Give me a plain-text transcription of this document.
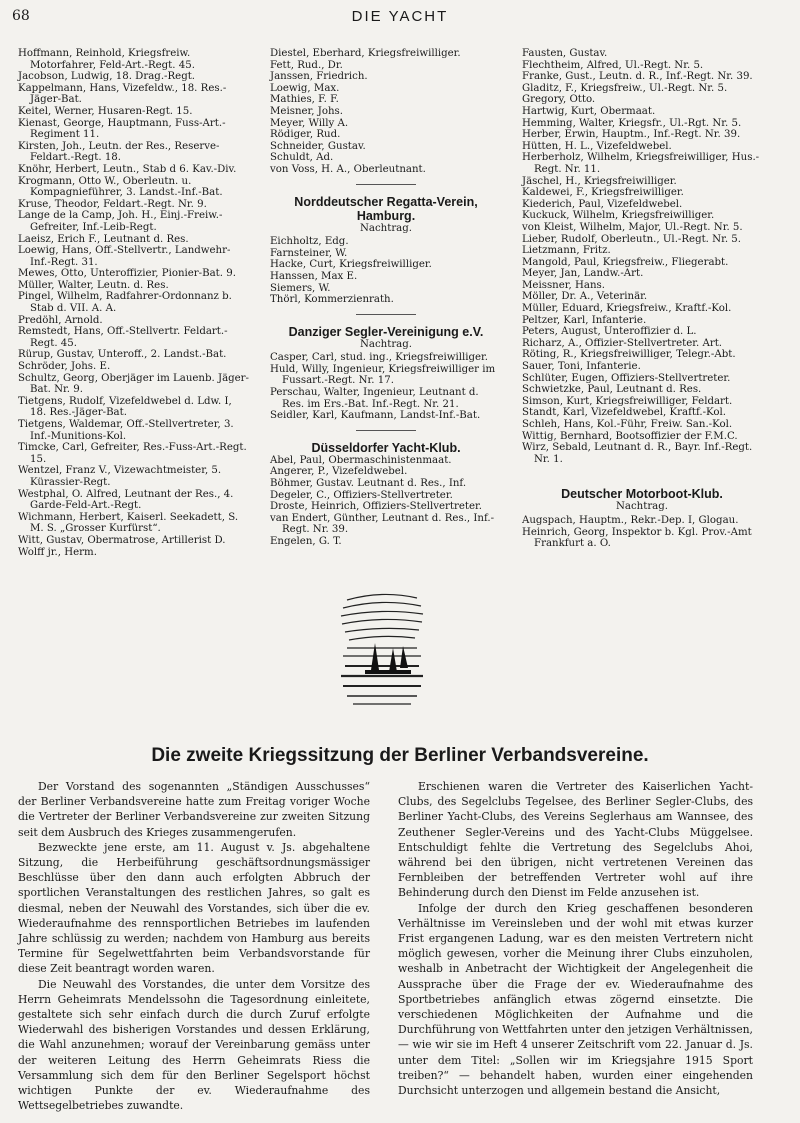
68	DIE YACHT

Hoffmann, Reinhold, Kriegsfreiw. Motorfahrer, Feld-Art.-Regt. 45.

Jacobson, Ludwig, 18. Drag.-Regt.

Kappelmann, Hans, Vizefeldw., 18. Res.-Jäger-Bat.

Keitel, Werner, Husaren-Regt. 15.

Kienast, George, Hauptmann, Fuss-Art.-Regiment 11.

Kirsten, Joh., Leutn. der Res., Reserve-Feldart.-Regt. 18.

Knöhr, Herbert, Leutn., Stab d 6. Kav.-Div.

Krogmann, Otto W., Oberleutn. u. Kompagnieführer, 3. Landst.-Inf.-Bat.

Kruse, Theodor, Feldart.-Regt. Nr. 9.

Lange de la Camp, Joh. H., Einj.-Freiw.-Gefreiter, Inf.-Leib-Regt.

Laeisz, Erich F., Leutnant d. Res.

Loewig, Hans, Off.-Stellvertr., Landwehr-Inf.-Regt. 31.

Mewes, Otto, Unteroffizier, Pionier-Bat. 9.

Müller, Walter, Leutn. d. Res.

Pingel, Wilhelm, Radfahrer-Ordonnanz b. Stab d. VII. A. A.

Predöhl, Arnold.

Remstedt, Hans, Off.-Stellvertr. Feldart.-Regt. 45.

Rürup, Gustav, Unteroff., 2. Landst.-Bat.

Schröder, Johs. E.

Schultz, Georg, Oberjäger im Lauenb. Jäger-Bat. Nr. 9.

Tietgens, Rudolf, Vizefeldwebel d. Ldw. I, 18. Res.-Jäger-Bat.

Tietgens, Waldemar, Off.-Stellvertreter, 3. Inf.-Munitions-Kol.

Timcke, Carl, Gefreiter, Res.-Fuss-Art.-Regt. 15.

Wentzel, Franz V., Vizewachtmeister, 5. Kürassier-Regt.

Westphal, O. Alfred, Leutnant der Res., 4. Garde-Feld-Art.-Regt.

Wichmann, Herbert, Kaiserl. Seekadett, S. M. S. „Grosser Kurfürst“.

Witt, Gustav, Obermatrose, Artillerist D.

Wolff jr., Herm.

Diestel, Eberhard, Kriegsfreiwilliger.

Fett, Rud., Dr.

Janssen, Friedrich.

Loewig, Max.

Mathies, F. F.

Meisner, Johs.

Meyer, Willy A.

Rödiger, Rud.

Schneider, Gustav.

Schuldt, Ad.

von Voss, H. A., Oberleutnant.

Norddeutscher Regatta-Verein, Hamburg.
Nachtrag.

Eichholtz, Edg.

Farnsteiner, W.

Hacke, Curt, Kriegsfreiwilliger.

Hanssen, Max E.

Siemers, W.

Thörl, Kommerzienrath.

Danziger Segler-Vereinigung e.V.
Nachtrag.

Casper, Carl, stud. ing., Kriegsfreiwilliger.

Huld, Willy, Ingenieur, Kriegsfreiwilliger im Fussart.-Regt. Nr. 17.

Perschau, Walter, Ingenieur, Leutnant d. Res. im Ers.-Bat. Inf.-Regt. Nr. 21.

Seidler, Karl, Kaufmann, Landst-Inf.-Bat.

Düsseldorfer Yacht-Klub.

Abel, Paul, Obermaschinistenmaat.

Angerer, P., Vizefeldwebel.

Böhmer, Gustav. Leutnant d. Res., Inf.

Degeler, C., Offiziers-Stellvertreter.

Droste, Heinrich, Offiziers-Stellvertreter.

van Endert, Günther, Leutnant d. Res., Inf.-Regt. Nr. 39.

Engelen, G. T.

Fausten, Gustav.

Flechtheim, Alfred, Ul.-Regt. Nr. 5.

Franke, Gust., Leutn. d. R., Inf.-Regt. Nr. 39.

Gladitz, F., Kriegsfreiw., Ul.-Regt. Nr. 5.

Gregory, Otto.

Hartwig, Kurt, Obermaat.

Hemming, Walter, Kriegsfr., Ul.-Rgt. Nr. 5.

Herber, Erwin, Hauptm., Inf.-Regt. Nr. 39.

Hütten, H. L., Vizefeldwebel.

Herberholz, Wilhelm, Kriegsfreiwilliger, Hus.-Regt. Nr. 11.

Jäschel, H., Kriegsfreiwilliger.

Kaldewei, F., Kriegsfreiwilliger.

Kiederich, Paul, Vizefeldwebel.

Kuckuck, Wilhelm, Kriegsfreiwilliger.

von Kleist, Wilhelm, Major, Ul.-Regt. Nr. 5.

Lieber, Rudolf, Oberleutn., Ul.-Regt. Nr. 5.

Lietzmann, Fritz.

Mangold, Paul, Kriegsfreiw., Fliegerabt.

Meyer, Jan, Landw.-Art.

Meissner, Hans.

Möller, Dr. A., Veterinär.

Müller, Eduard, Kriegsfreiw., Kraftf.-Kol.

Peltzer, Karl, Infanterie.

Peters, August, Unteroffizier d. L.

Richarz, A., Offizier-Stellvertreter. Art.

Röting, R., Kriegsfreiwilliger, Telegr.-Abt.

Sauer, Toni, Infanterie.

Schlüter, Eugen, Offiziers-Stellvertreter.

Schwietzke, Paul, Leutnant d. Res.

Simson, Kurt, Kriegsfreiwilliger, Feldart.

Standt, Karl, Vizefeldwebel, Kraftf.-Kol.

Schleh, Hans, Kol.-Führ, Freiw. San.-Kol.

Wittig, Bernhard, Bootsoffizier der F.M.C.

Wirz, Sebald, Leutnant d. R., Bayr. Inf.-Regt. Nr. 1.

Deutscher Motorboot-Klub.
Nachtrag.

Augspach, Hauptm., Rekr.-Dep. I, Glogau.

Heinrich, Georg, Inspektor b. Kgl. Prov.-Amt Frankfurt a. O.

Die zweite Kriegssitzung der Berliner Verbandsvereine.

Der Vorstand des sogenannten „Ständigen Ausschusses“ der Berliner Verbandsvereine hatte zum Freitag voriger Woche die Vertreter der Berliner Verbandsvereine zur zweiten Sitzung seit dem Ausbruch des Krieges zusammengerufen.

Bezweckte jene erste, am 11. August v. Js. abgehaltene Sitzung, die Herbeiführung geschäftsordnungsmässiger Beschlüsse über den dann auch erfolgten Abbruch der sportlichen Veranstaltungen des restlichen Jahres, so galt es diesmal, neben der Neuwahl des Vorstandes, sich über die ev. Wiederaufnahme des rennsportlichen Betriebes im laufenden Jahre schlüssig zu werden; nachdem von Hamburg aus bereits Termine für Segelwettfahrten beim Verbandsvorstande für diese Zeit beantragt worden waren.

Die Neuwahl des Vorstandes, die unter dem Vorsitze des Herrn Geheimrats Mendelssohn die Tagesordnung einleitete, gestaltete sich sehr einfach durch die durch Zuruf erfolgte Wiederwahl des bisherigen Vorstandes und dessen Erklärung, die Wahl anzunehmen; worauf der Vereinbarung gemäss unter der weiteren Leitung des Herrn Geheimrats Riess die Versammlung sich dem für den Berliner Segelsport höchst wichtigen Punkte der ev. Wiederaufnahme des Wettsegelbetriebes zuwandte.

Erschienen waren die Vertreter des Kaiserlichen Yacht-Clubs, des Segelclubs Tegelsee, des Berliner Segler-Clubs, des Berliner Yacht-Clubs, des Vereins Seglerhaus am Wannsee, des Zeuthener Segler-Vereins und des Yacht-Clubs Müggelsee. Entschuldigt fehlte die Vertretung des Segelclubs Ahoi, während bei den übrigen, nicht vertretenen Vereinen das Fernbleiben der betreffenden Vertreter wohl auf ihre Behinderung durch den Dienst im Felde anzusehen ist.

Infolge der durch den Krieg geschaffenen besonderen Verhältnisse im Vereinsleben und der wohl mit etwas kurzer Frist ergangenen Ladung, war es den meisten Vertretern nicht möglich gewesen, vorher die Meinung ihrer Clubs einzuholen, weshalb in Anbetracht der Wichtigkeit der Angelegenheit die Aussprache über die Frage der ev. Wiederaufnahme des Sportbetriebes anfänglich etwas zögernd einsetzte. Die verschiedenen Möglichkeiten der Aufnahme und die Durchführung von Wettfahrten unter den jetzigen Verhältnissen, — wie wir sie im Heft 4 unserer Zeitschrift vom 22. Januar d. Js. unter dem Titel: „Sollen wir im Kriegsjahre 1915 Sport treiben?“ — behandelt haben, wurden einer eingehenden Durchsicht unterzogen und allgemein bestand die Ansicht,
